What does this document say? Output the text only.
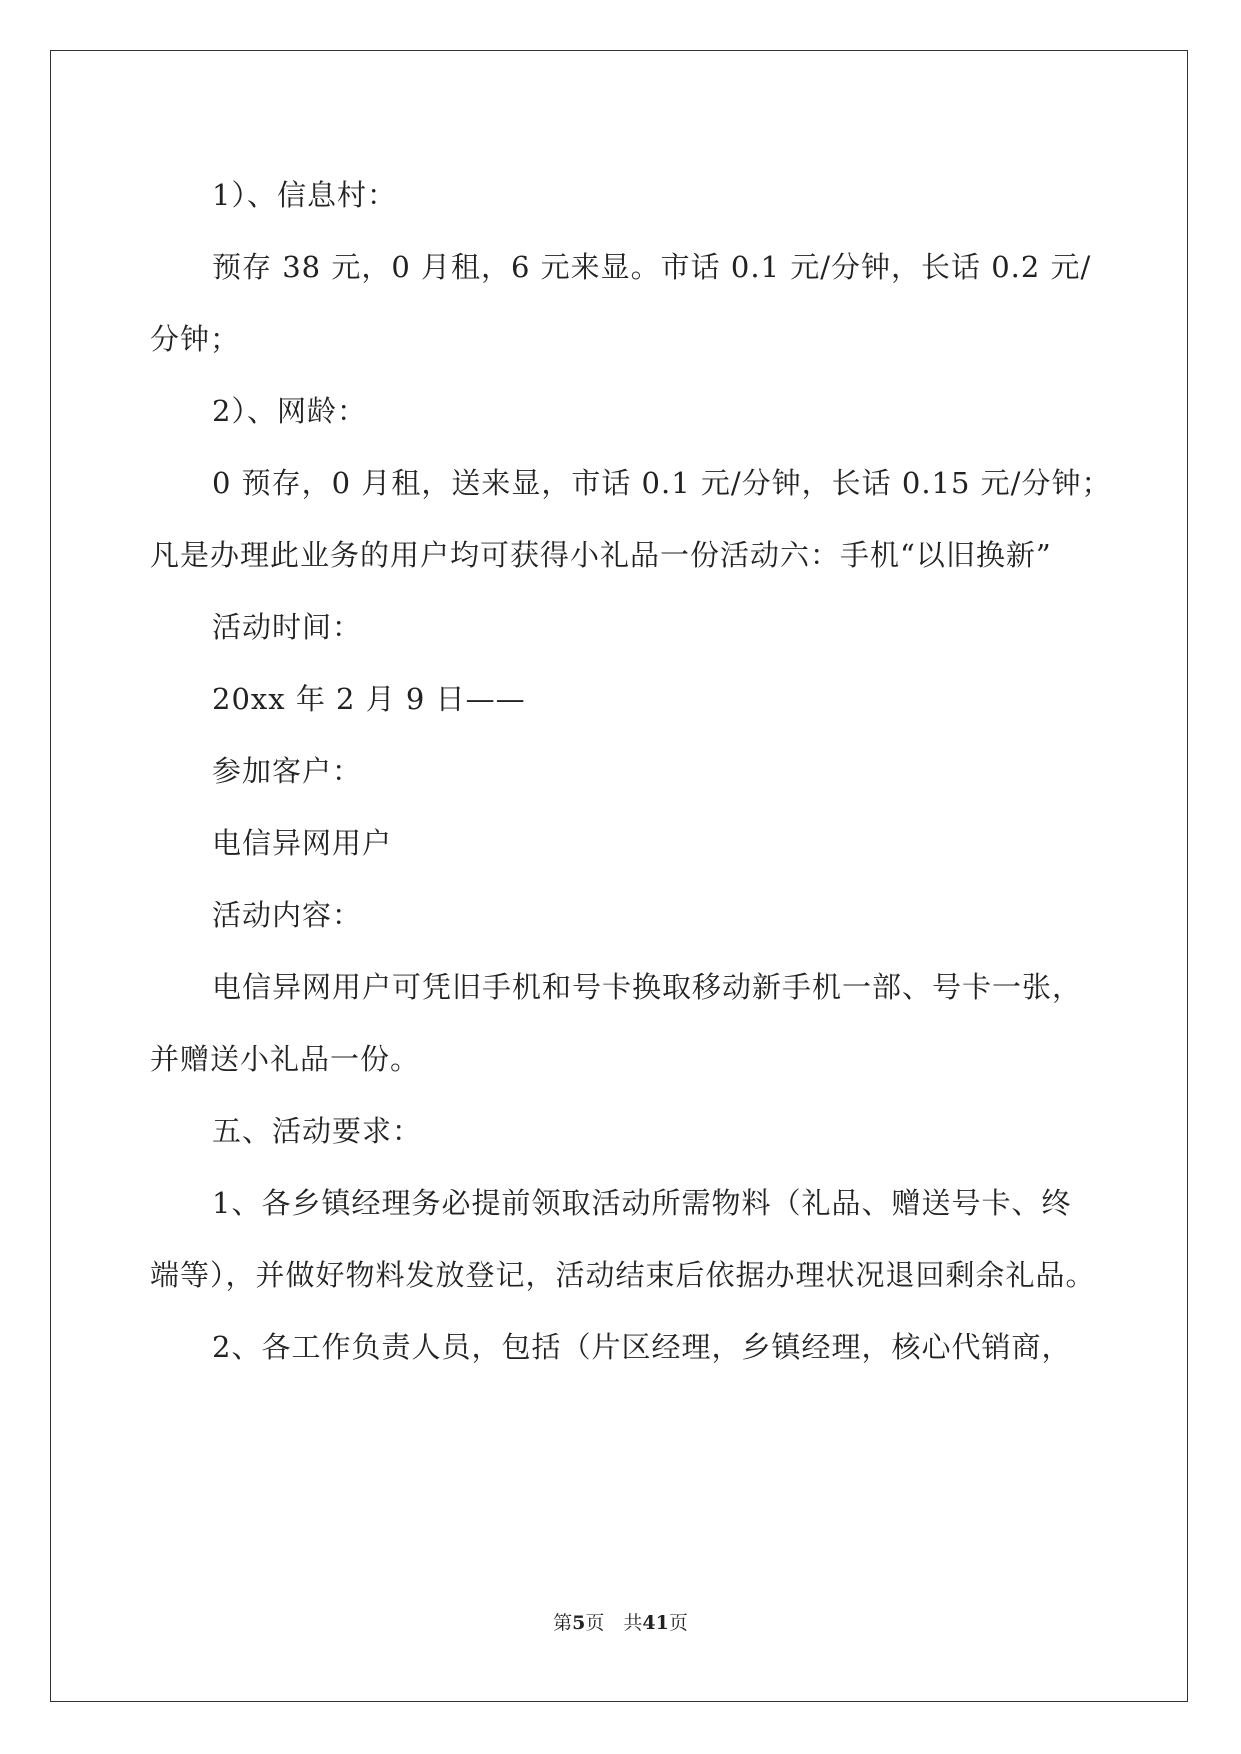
1）、信息村：
预存 38 元，0 月租，6 元来显。市话 0.1 元/分钟，长话 0.2 元/
分钟；
2）、网龄：
0 预存，0 月租，送来显，市话 0.1 元/分钟，长话 0.15 元/分钟；
凡是办理此业务的用户均可获得小礼品一份活动六：手机“以旧换新”
活动时间：
20xx 年 2 月 9 日——
参加客户：
电信异网用户
活动内容：
电信异网用户可凭旧手机和号卡换取移动新手机一部、号卡一张，
并赠送小礼品一份。
五、活动要求：
1、各乡镇经理务必提前领取活动所需物料（礼品、赠送号卡、终
端等），并做好物料发放登记，活动结束后依据办理状况退回剩余礼品。
2、各工作负责人员，包括（片区经理，乡镇经理，核心代销商，
第5页　共41页
